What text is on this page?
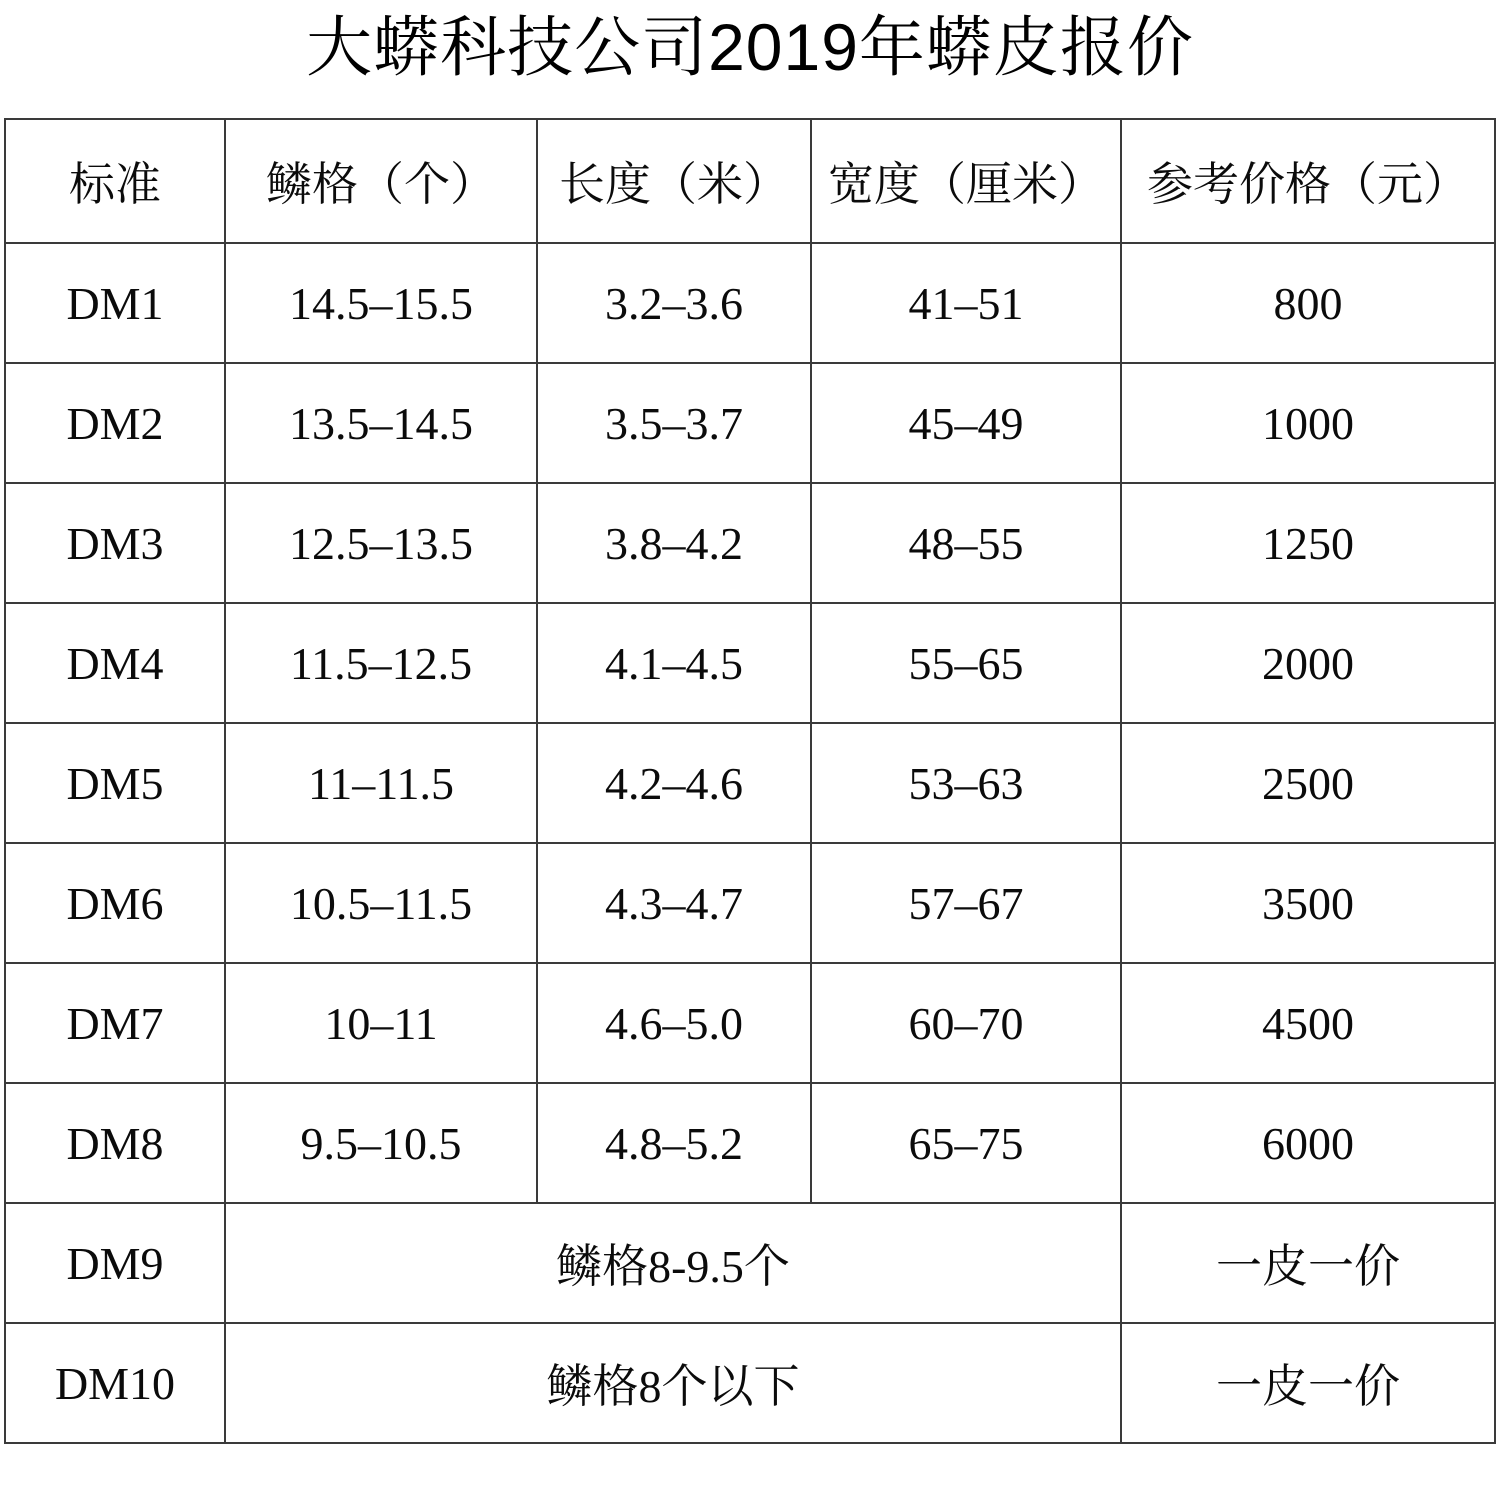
大蟒科技公司2019年蟒皮报价
标准	鳞格（个）	长度（米）	宽度（厘米）	参考价格（元）
DM1	14.5–15.5	3.2–3.6	41–51	800
DM2	13.5–14.5	3.5–3.7	45–49	1000
DM3	12.5–13.5	3.8–4.2	48–55	1250
DM4	11.5–12.5	4.1–4.5	55–65	2000
DM5	11–11.5	4.2–4.6	53–63	2500
DM6	10.5–11.5	4.3–4.7	57–67	3500
DM7	10–11	4.6–5.0	60–70	4500
DM8	9.5–10.5	4.8–5.2	65–75	6000
DM9	鳞格8-9.5个			一皮一价
DM10	鳞格8个以下			一皮一价
